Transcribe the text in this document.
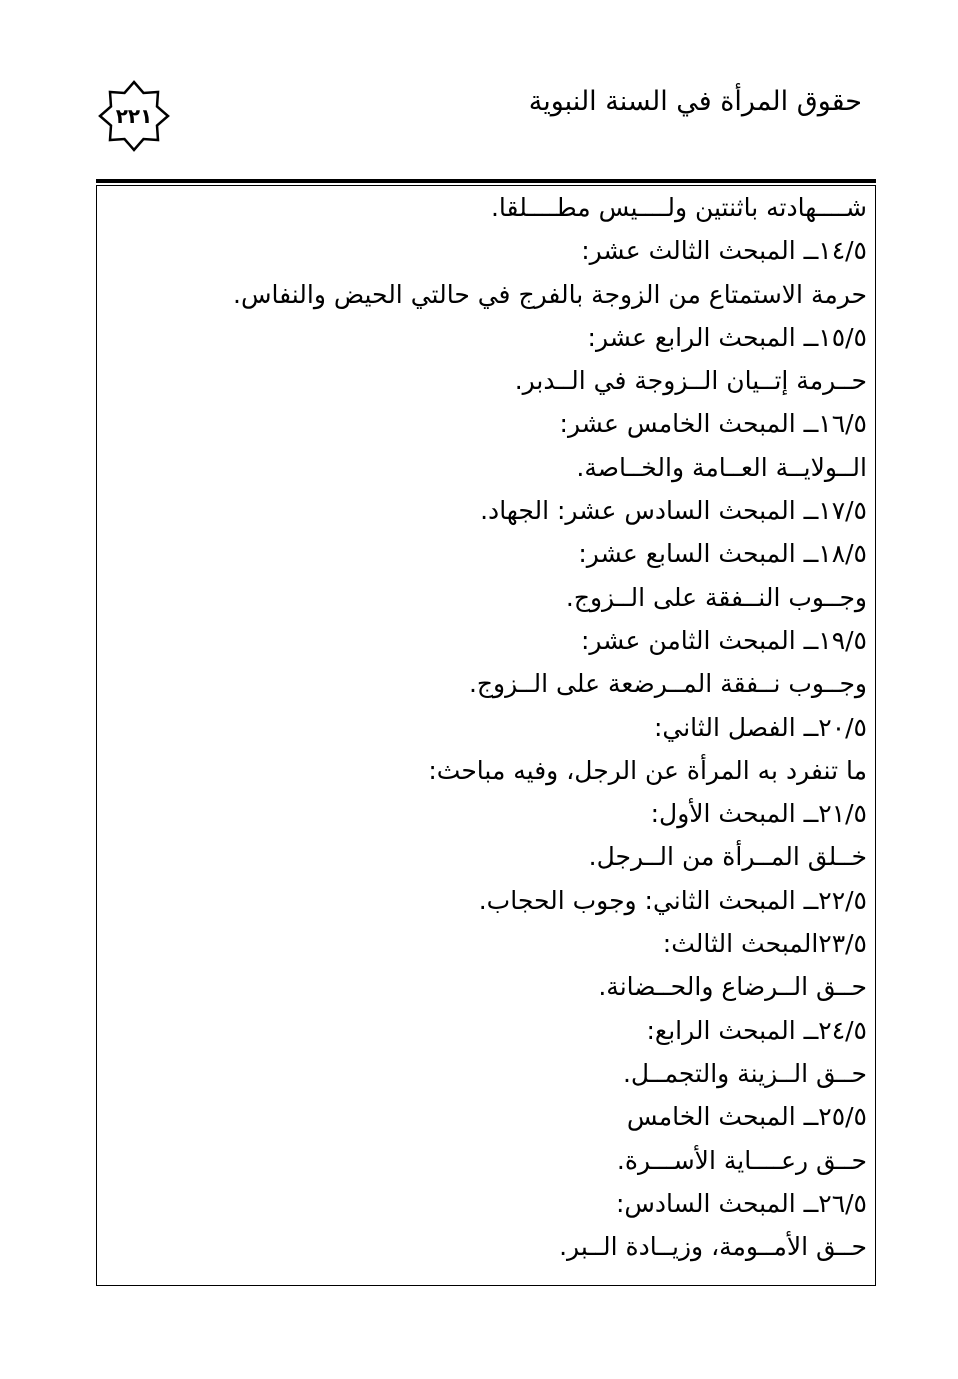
حقوق المرأة في السنة النبوية
٢٢١
شــــهادته باثنتين ولــــيس مطــــلقا.
١٤/٥ــ المبحث الثالث عشر:
حرمة الاستمتاع من الزوجة بالفرج في حالتي الحيض والنفاس.
١٥/٥ــ المبحث الرابع عشر:
حــرمة إتــيان الــزوجة في الــدبر.
١٦/٥ــ المبحث الخامس عشر:
الــولايــة العــامة والخــاصة.
١٧/٥ــ المبحث السادس عشر: الجهاد.
١٨/٥ــ المبحث السابع عشر:
وجــوب النــفقة على الــزوج.
١٩/٥ــ المبحث الثامن عشر:
وجــوب نــفقة المــرضعة على الــزوج.
٢٠/٥ــ الفصل الثاني:
ما تنفرد به المرأة عن الرجل، وفيه مباحث:
٢١/٥ــ المبحث الأول:
خــلق المــرأة من الــرجل.
٢٢/٥ــ المبحث الثاني: وجوب الحجاب.
٢٣/٥المبحث الثالث:
حــق الــرضاع والحــضانة.
٢٤/٥ــ المبحث الرابع:
حــق الــزينة والتجمــل.
٢٥/٥ــ المبحث الخامس
حــق رعــــاية الأســـرة.
٢٦/٥ــ المبحث السادس:
حــق الأمــومة، وزيــادة الــبر.
